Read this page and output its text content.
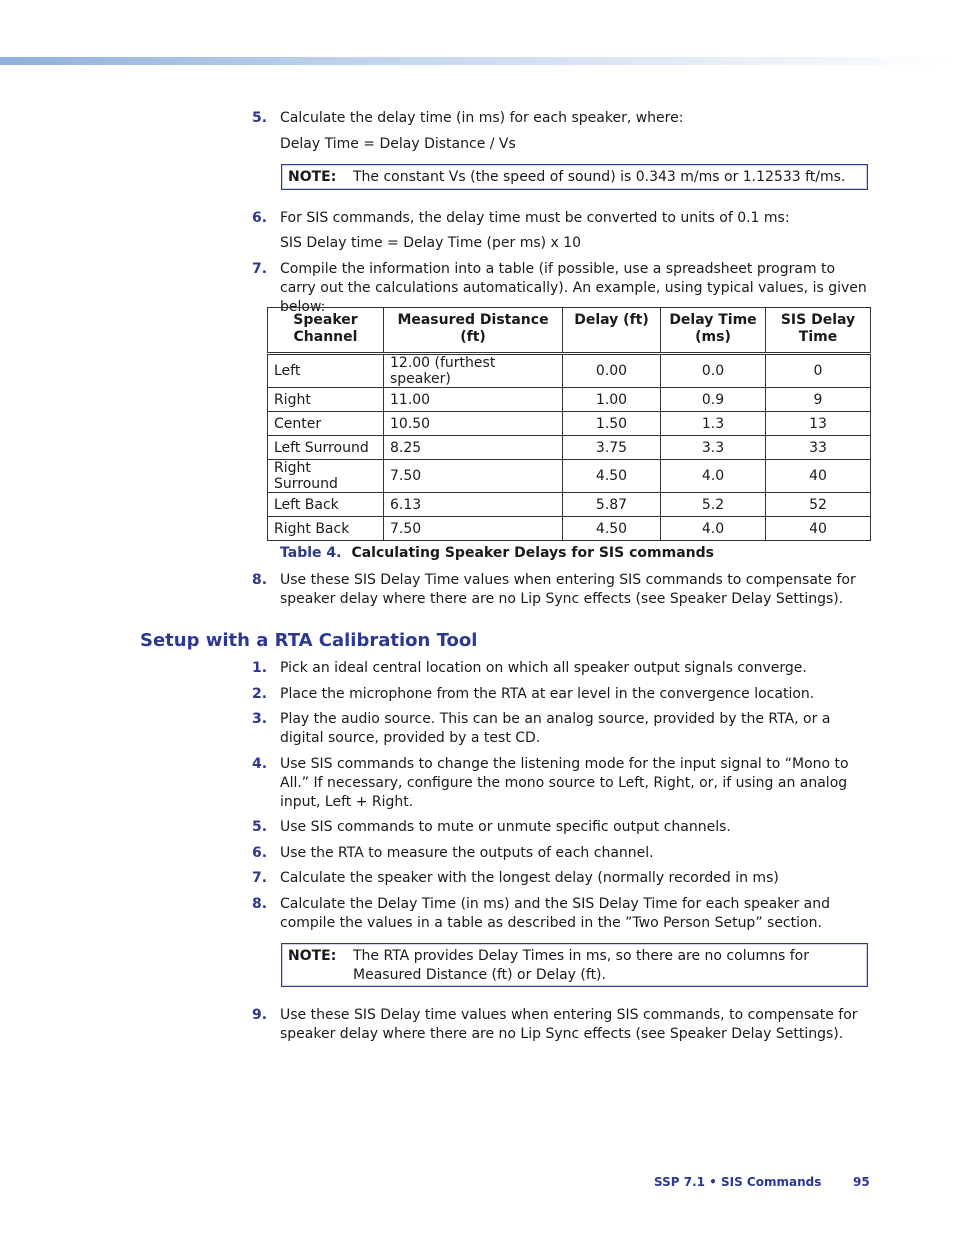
5. Calculate the delay time (in ms) for each speaker, where:
Delay Time = Delay Distance / Vs
NOTE: The constant Vs (the speed of sound) is 0.343 m/ms or 1.12533 ft/ms.
6. For SIS commands, the delay time must be converted to units of 0.1 ms:
SIS Delay time = Delay Time (per ms) x 10
7. Compile the information into a table (if possible, use a spreadsheet program to carry out the calculations automatically). An example, using typical values, is given below:
Speaker Channel	Measured Distance (ft)	Delay (ft)	Delay Time (ms)	SIS Delay Time
Left	12.00 (furthest speaker)	0.00	0.0	0
Right	11.00	1.00	0.9	9
Center	10.50	1.50	1.3	13
Left Surround	8.25	3.75	3.3	33
Right Surround	7.50	4.50	4.0	40
Left Back	6.13	5.87	5.2	52
Right Back	7.50	4.50	4.0	40
Table 4. Calculating Speaker Delays for SIS commands
8. Use these SIS Delay Time values when entering SIS commands to compensate for speaker delay where there are no Lip Sync effects (see Speaker Delay Settings).
Setup with a RTA Calibration Tool
1. Pick an ideal central location on which all speaker output signals converge.
2. Place the microphone from the RTA at ear level in the convergence location.
3. Play the audio source. This can be an analog source, provided by the RTA, or a digital source, provided by a test CD.
4. Use SIS commands to change the listening mode for the input signal to “Mono to All.” If necessary, configure the mono source to Left, Right, or, if using an analog input, Left + Right.
5. Use SIS commands to mute or unmute specific output channels.
6. Use the RTA to measure the outputs of each channel.
7. Calculate the speaker with the longest delay (normally recorded in ms)
8. Calculate the Delay Time (in ms) and the SIS Delay Time for each speaker and compile the values in a table as described in the ”Two Person Setup” section.
NOTE: The RTA provides Delay Times in ms, so there are no columns for Measured Distance (ft) or Delay (ft).
9. Use these SIS Delay time values when entering SIS commands, to compensate for speaker delay where there are no Lip Sync effects (see Speaker Delay Settings).
SSP 7.1 • SIS Commands	95
